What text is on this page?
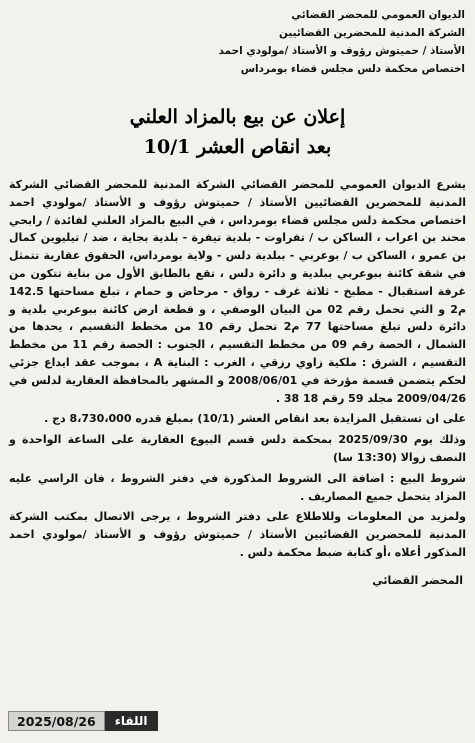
الديوان العمومي للمحضر القضائي
الشركة المدنية للمحضرين القضائيين
الأستاذ / حميتوش رؤوف و الأستاذ /مولودي احمد
اختصاص محكمة دلس مجلس قضاء بومرداس
إعلان عن بيع بالمزاد العلني
بعد انقاص العشر 10/1

يشرع الديوان العمومي للمحضر القضائي الشركة المدنية للمحضر القضائي الشركة المدنية للمحضرين القضائيين الأستاذ / حميتوش رؤوف و الأستاذ /مولودي احمد اختصاص محكمة دلس مجلس قضاء بومرداس ، في البيع بالمزاد العلني لفائدة / رابحي محند بن اعراب ، الساكن ب / تفراوت - بلدية تيفرة - بلدية بجاية ، ضد / تيليوين كمال بن عمرو ، الساكن ب / بوعربي - ببلدية دلس - ولاية بومرداس، الحقوق عقارية تتمثل في شقة كائنة ببوعربي ببلدية و دائرة دلس ، تقع بالطابق الأول من بناية تتكون من غرفة استقبال - مطبخ - ثلاثة غرف - رواق - مرحاض و حمام ، تبلغ مساحتها 142.5 م2 و التي تحمل رقم 02 من البيان الوصفي ، و قطعة ارض كائنة ببوعربي بلدية و دائرة دلس تبلغ مساحتها 77 م2 تحمل رقم 10 من مخطط التقسيم ، يحدها من الشمال ، الحصة رقم 09 من مخطط التقسيم ، الجنوب : الحصة رقم 11 من مخطط التقسيم ، الشرق : ملكية زاوي رزقي ، الغرب : البناية A ، بموجب عقد ايداع جزئي لحكم يتضمن قسمة مؤرخة في 2008/06/01 و المشهر بالمحافظة العقارية لدلس في 2009/04/26 مجلد 59 رقم 18 38 .

على ان تستقبل المزايدة بعد انقاص العشر (10/1) بمبلغ قدره 8،730،000 دج .

وذلك يوم 2025/09/30 بمحكمة دلس قسم البيوع العقارية على الساعة الواحدة و النصف زوالا (13:30 سا)

شروط البيع : اضافة الى الشروط المذكورة في دفتر الشروط ، فان الراسي عليه المزاد يتحمل جميع المصاريف .

ولمزيد من المعلومات وللاطلاع على دفتر الشروط ، يرجى الاتصال بمكتب الشركة المدنية للمحضرين القضائيين الأستاذ / حميتوش رؤوف و الأستاذ /مولودي احمد المذكور أعلاه ،أو كتابة ضبط محكمة دلس .

المحضر القضائي
2025/08/26	اللقاء
